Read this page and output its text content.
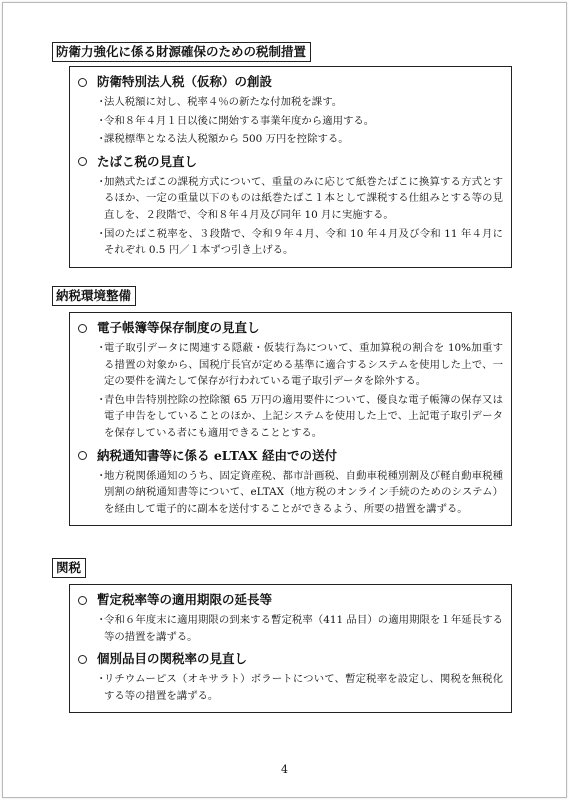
防衛力強化に係る財源確保のための税制措置
防衛特別法人税（仮称）の創設
・
法人税額に対し、税率４％の新たな付加税を課す。
・
令和８年４月１日以後に開始する事業年度から適用する。
・
課税標準となる法人税額から 500 万円を控除する。
たばこ税の見直し
・
加熱式たばこの課税方式について、重量のみに応じて紙巻たばこに換算する方式とするほか、一定の重量以下のものは紙巻たばこ１本として課税する仕組みとする等の見直しを、２段階で、令和８年４月及び同年 10 月に実施する。
・
国のたばこ税率を、３段階で、令和９年４月、令和 10 年４月及び令和 11 年４月にそれぞれ 0.5 円／１本ずつ引き上げる。
納税環境整備
電子帳簿等保存制度の見直し
・
電子取引データに関連する隠蔽・仮装行為について、重加算税の割合を 10%加重する措置の対象から、国税庁長官が定める基準に適合するシステムを使用した上で、一定の要件を満たして保存が行われている電子取引データを除外する。
・
青色申告特別控除の控除額 65 万円の適用要件について、優良な電子帳簿の保存又は電子申告をしていることのほか、上記システムを使用した上で、上記電子取引データを保存している者にも適用できることとする。
納税通知書等に係る eLTAX 経由での送付
・
地方税関係通知のうち、固定資産税、都市計画税、自動車税種別割及び軽自動車税種別割の納税通知書等について、eLTAX（地方税のオンライン手続のためのシステム）を経由して電子的に副本を送付することができるよう、所要の措置を講ずる。
関税
暫定税率等の適用期限の延長等
・
令和６年度末に適用期限の到来する暫定税率（411 品目）の適用期限を１年延長する等の措置を講ずる。
個別品目の関税率の見直し
・
リチウムーピス（オキサラト）ボラートについて、暫定税率を設定し、関税を無税化する等の措置を講ずる。
4
